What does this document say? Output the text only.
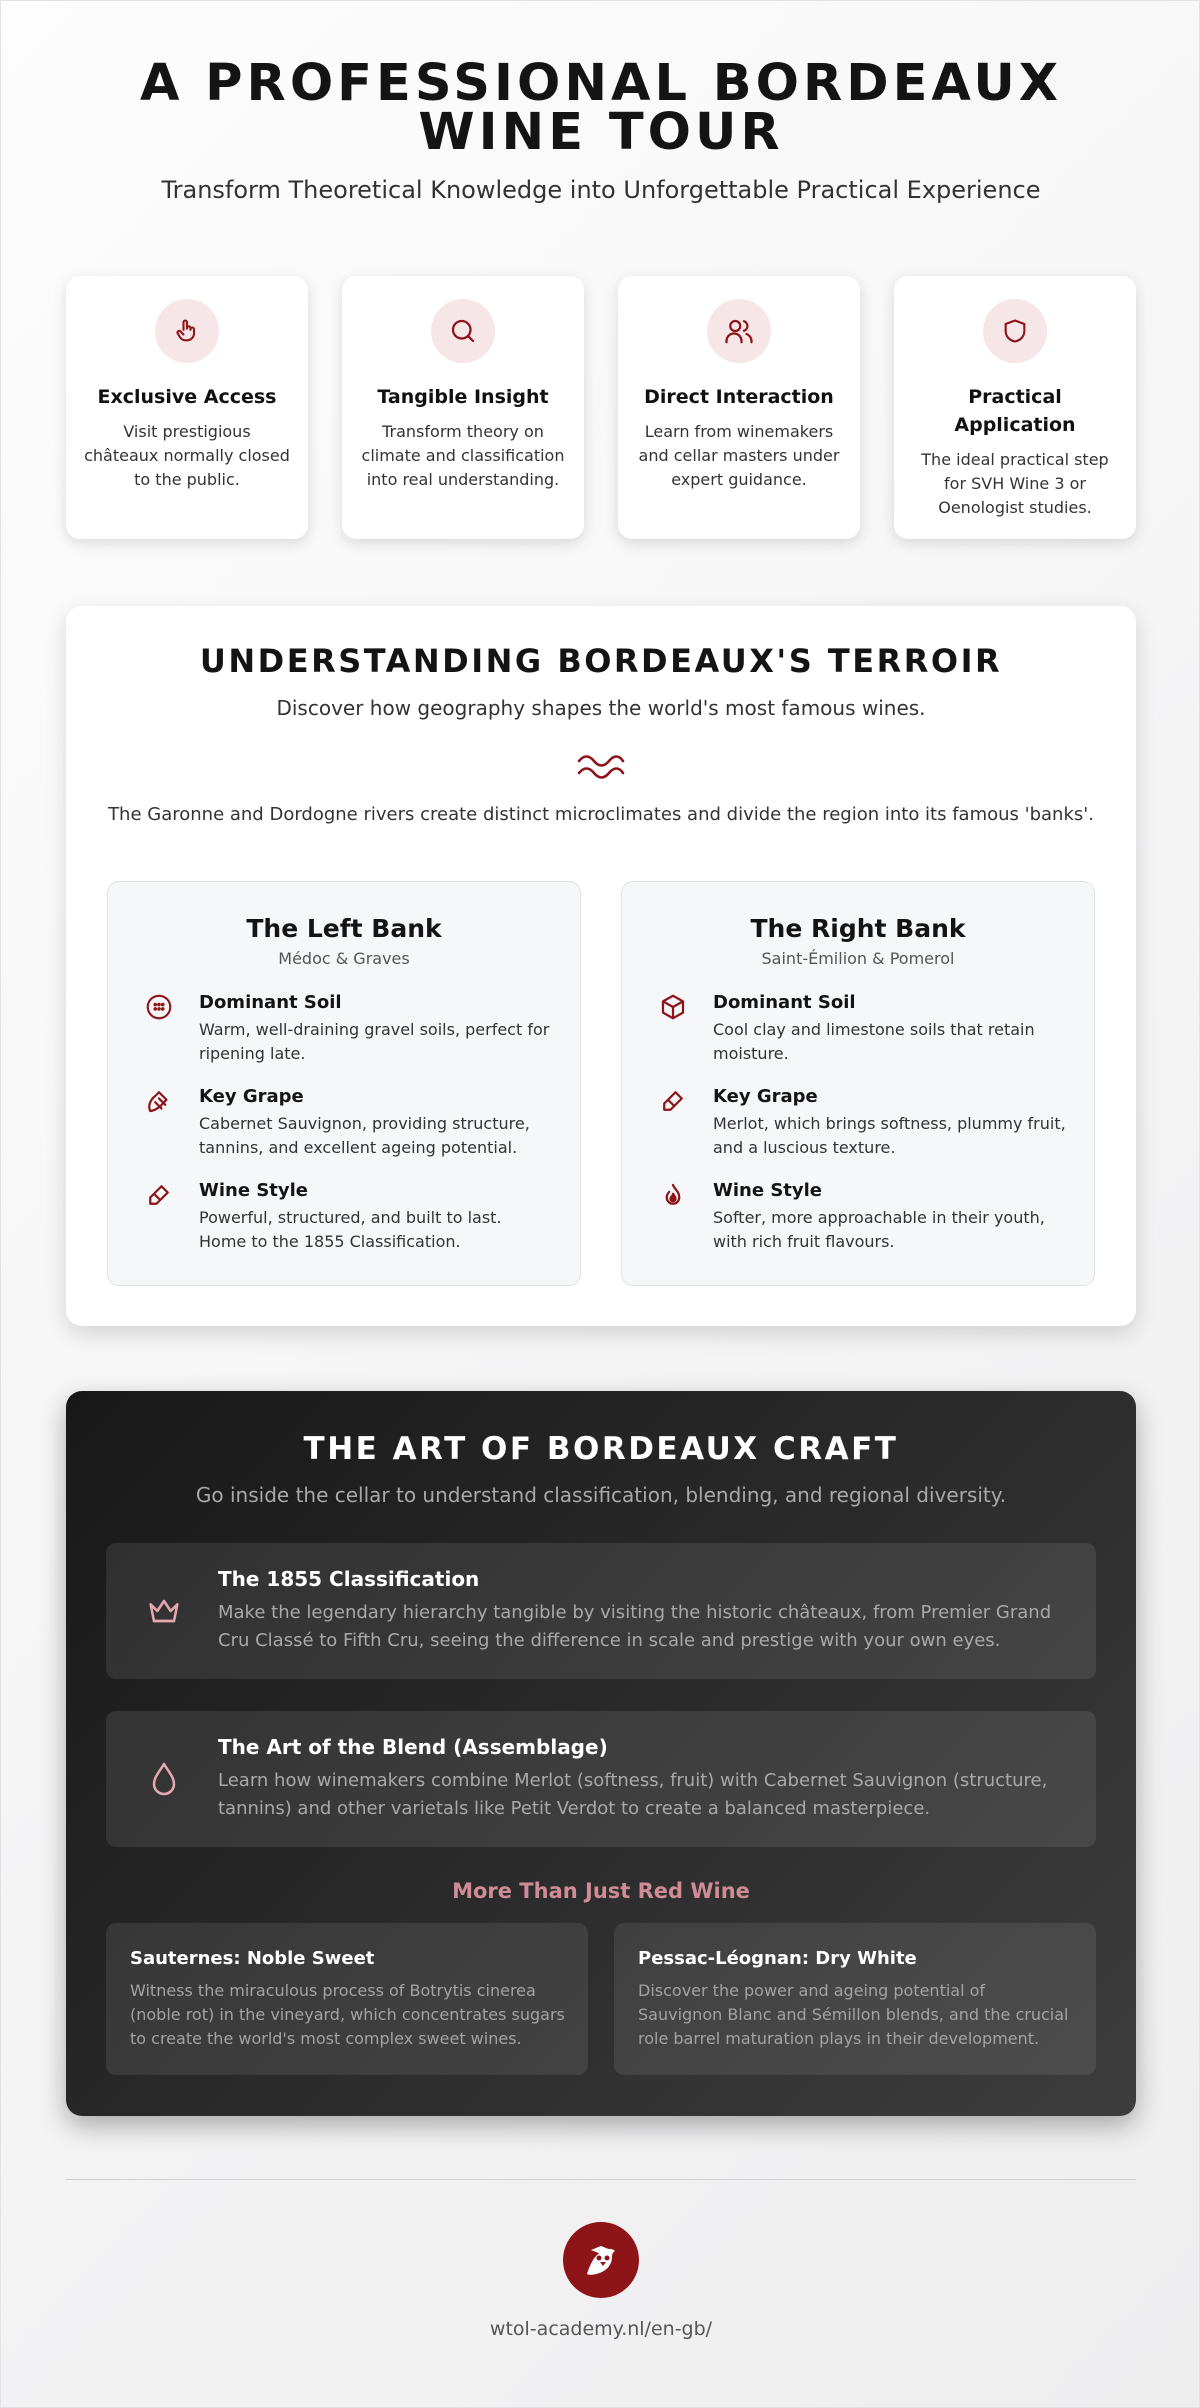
A PROFESSIONAL BORDEAUX WINE TOUR

Transform Theoretical Knowledge into Unforgettable Practical Experience

Exclusive Access

Visit prestigious châteaux normally closed to the public.

Tangible Insight

Transform theory on climate and classification into real understanding.

Direct Interaction

Learn from winemakers and cellar masters under expert guidance.

Practical Application

The ideal practical step for SVH Wine 3 or Oenologist studies.

UNDERSTANDING BORDEAUX'S TERROIR

Discover how geography shapes the world's most famous wines.

The Garonne and Dordogne rivers create distinct microclimates and divide the region into its famous 'banks'.

The Left Bank

Médoc & Graves

Dominant Soil

Warm, well-draining gravel soils, perfect for ripening late.

Key Grape

Cabernet Sauvignon, providing structure, tannins, and excellent ageing potential.

Wine Style

Powerful, structured, and built to last. Home to the 1855 Classification.

The Right Bank

Saint-Émilion & Pomerol

Dominant Soil

Cool clay and limestone soils that retain moisture.

Key Grape

Merlot, which brings softness, plummy fruit, and a luscious texture.

Wine Style

Softer, more approachable in their youth, with rich fruit flavours.

THE ART OF BORDEAUX CRAFT

Go inside the cellar to understand classification, blending, and regional diversity.

The 1855 Classification

Make the legendary hierarchy tangible by visiting the historic châteaux, from Premier Grand Cru Classé to Fifth Cru, seeing the difference in scale and prestige with your own eyes.

The Art of the Blend (Assemblage)

Learn how winemakers combine Merlot (softness, fruit) with Cabernet Sauvignon (structure, tannins) and other varietals like Petit Verdot to create a balanced masterpiece.

More Than Just Red Wine
Sauternes: Noble Sweet

Witness the miraculous process of Botrytis cinerea (noble rot) in the vineyard, which concentrates sugars to create the world's most complex sweet wines.

Pessac-Léognan: Dry White

Discover the power and ageing potential of Sauvignon Blanc and Sémillon blends, and the crucial role barrel maturation plays in their development.

wtol-academy.nl/en-gb/
